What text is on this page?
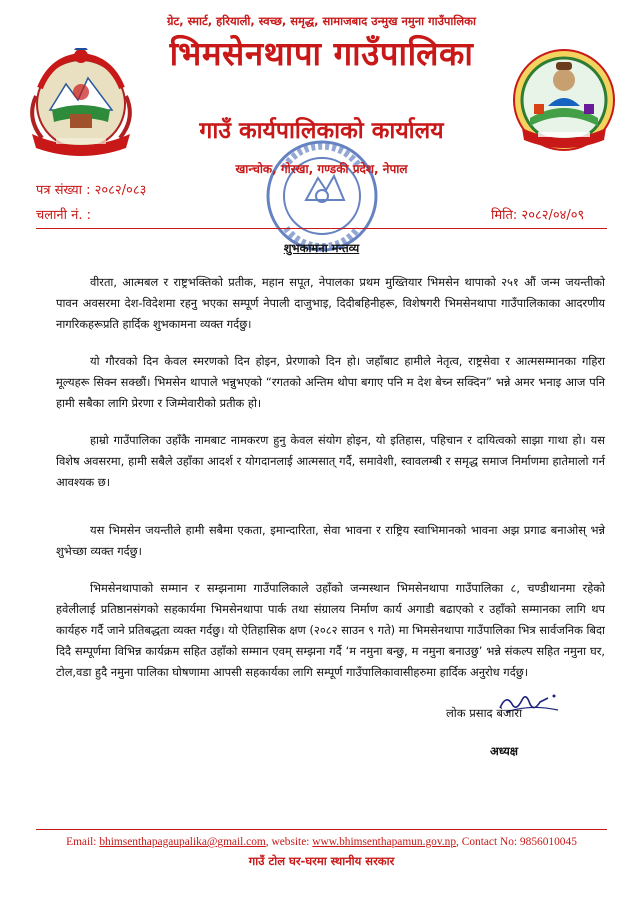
ग्रेट, स्मार्ट, हरियाली, स्वच्छ, समृद्ध, सामाजबाद उन्मुख नमुना गाउँपालिका
भिमसेनथापा गाउँपालिका
गाउँ कार्यपालिकाको कार्यालय
खान्चोक, गोरखा, गण्डकी प्रदेश, नेपाल
पत्र संख्या : २०८२/०८३
चलानी नं. :	मिति: २०८२/०४/०९
शुभकामना मन्तव्य

वीरता, आत्मबल र राष्ट्रभक्तिको प्रतीक, महान सपूत, नेपालका प्रथम मुख्तियार भिमसेन थापाको २५१ औं जन्म जयन्तीको पावन अवसरमा देश-विदेशमा रहनु भएका सम्पूर्ण नेपाली दाजुभाइ, दिदीबहिनीहरू, विशेषगरी भिमसेनथापा गाउँपालिकाका आदरणीय नागरिकहरूप्रति हार्दिक शुभकामना व्यक्त गर्दछु।

यो गौरवको दिन केवल स्मरणको दिन होइन, प्रेरणाको दिन हो। जहाँबाट हामीले नेतृत्व, राष्ट्रसेवा र आत्मसम्मानका गहिरा मूल्यहरू सिक्न सक्छौं। भिमसेन थापाले भन्नुभएको “रगतको अन्तिम थोपा बगाए पनि म देश बेच्न सक्दिन” भन्ने अमर भनाइ आज पनि हामी सबैका लागि प्रेरणा र जिम्मेवारीको प्रतीक हो।

हाम्रो गाउँपालिका उहाँकै नामबाट नामकरण हुनु केवल संयोग होइन, यो इतिहास, पहिचान र दायित्वको साझा गाथा हो। यस विशेष अवसरमा, हामी सबैले उहाँका आदर्श र योगदानलाई आत्मसात् गर्दै, समावेशी, स्वावलम्बी र समृद्ध समाज निर्माणमा हातेमालो गर्न आवश्यक छ।

यस भिमसेन जयन्तीले हामी सबैमा एकता, इमान्दारिता, सेवा भावना र राष्ट्रिय स्वाभिमानको भावना अझ प्रगाढ बनाओस् भन्ने शुभेच्छा व्यक्त गर्दछु।

भिमसेनथापाको सम्मान र सम्झनामा गाउँपालिकाले उहाँको जन्मस्थान भिमसेनथापा गाउँपालिका ८, चण्डीथानमा रहेको हवेलीलाई प्रतिष्ठानसंगको सहकार्यमा भिमसेनथापा पार्क तथा संग्रालय निर्माण कार्य अगाडी बढाएको र उहाँको सम्मानका लागि थप कार्यहरु गर्दै जाने प्रतिबद्धता व्यक्त गर्दछु। यो ऐतिहासिक क्षण (२०८२ साउन ९ गते) मा भिमसेनथापा गाउँपालिका भित्र सार्वजनिक बिदा दिदै सम्पूर्णमा विभिन्न कार्यक्रम सहित उहाँको सम्मान एवम् सम्झना गर्दै ‘म नमुना बन्छु, म नमुना बनाउछु’ भन्ने संकल्प सहित नमुना घर, टोल,वडा हुदै नमुना पालिका घोषणामा आपसी सहकार्यका लागि सम्पूर्ण गाउँपालिकावासीहरुमा हार्दिक अनुरोध गर्दछु।

लोक प्रसाद बंजारा
अध्यक्ष
Email: bhimsenthapagaupalika@gmail.com, website: www.bhimsenthapamun.gov.np, Contact No: 9856010045
गाउँ टोल घर-घरमा स्थानीय सरकार
